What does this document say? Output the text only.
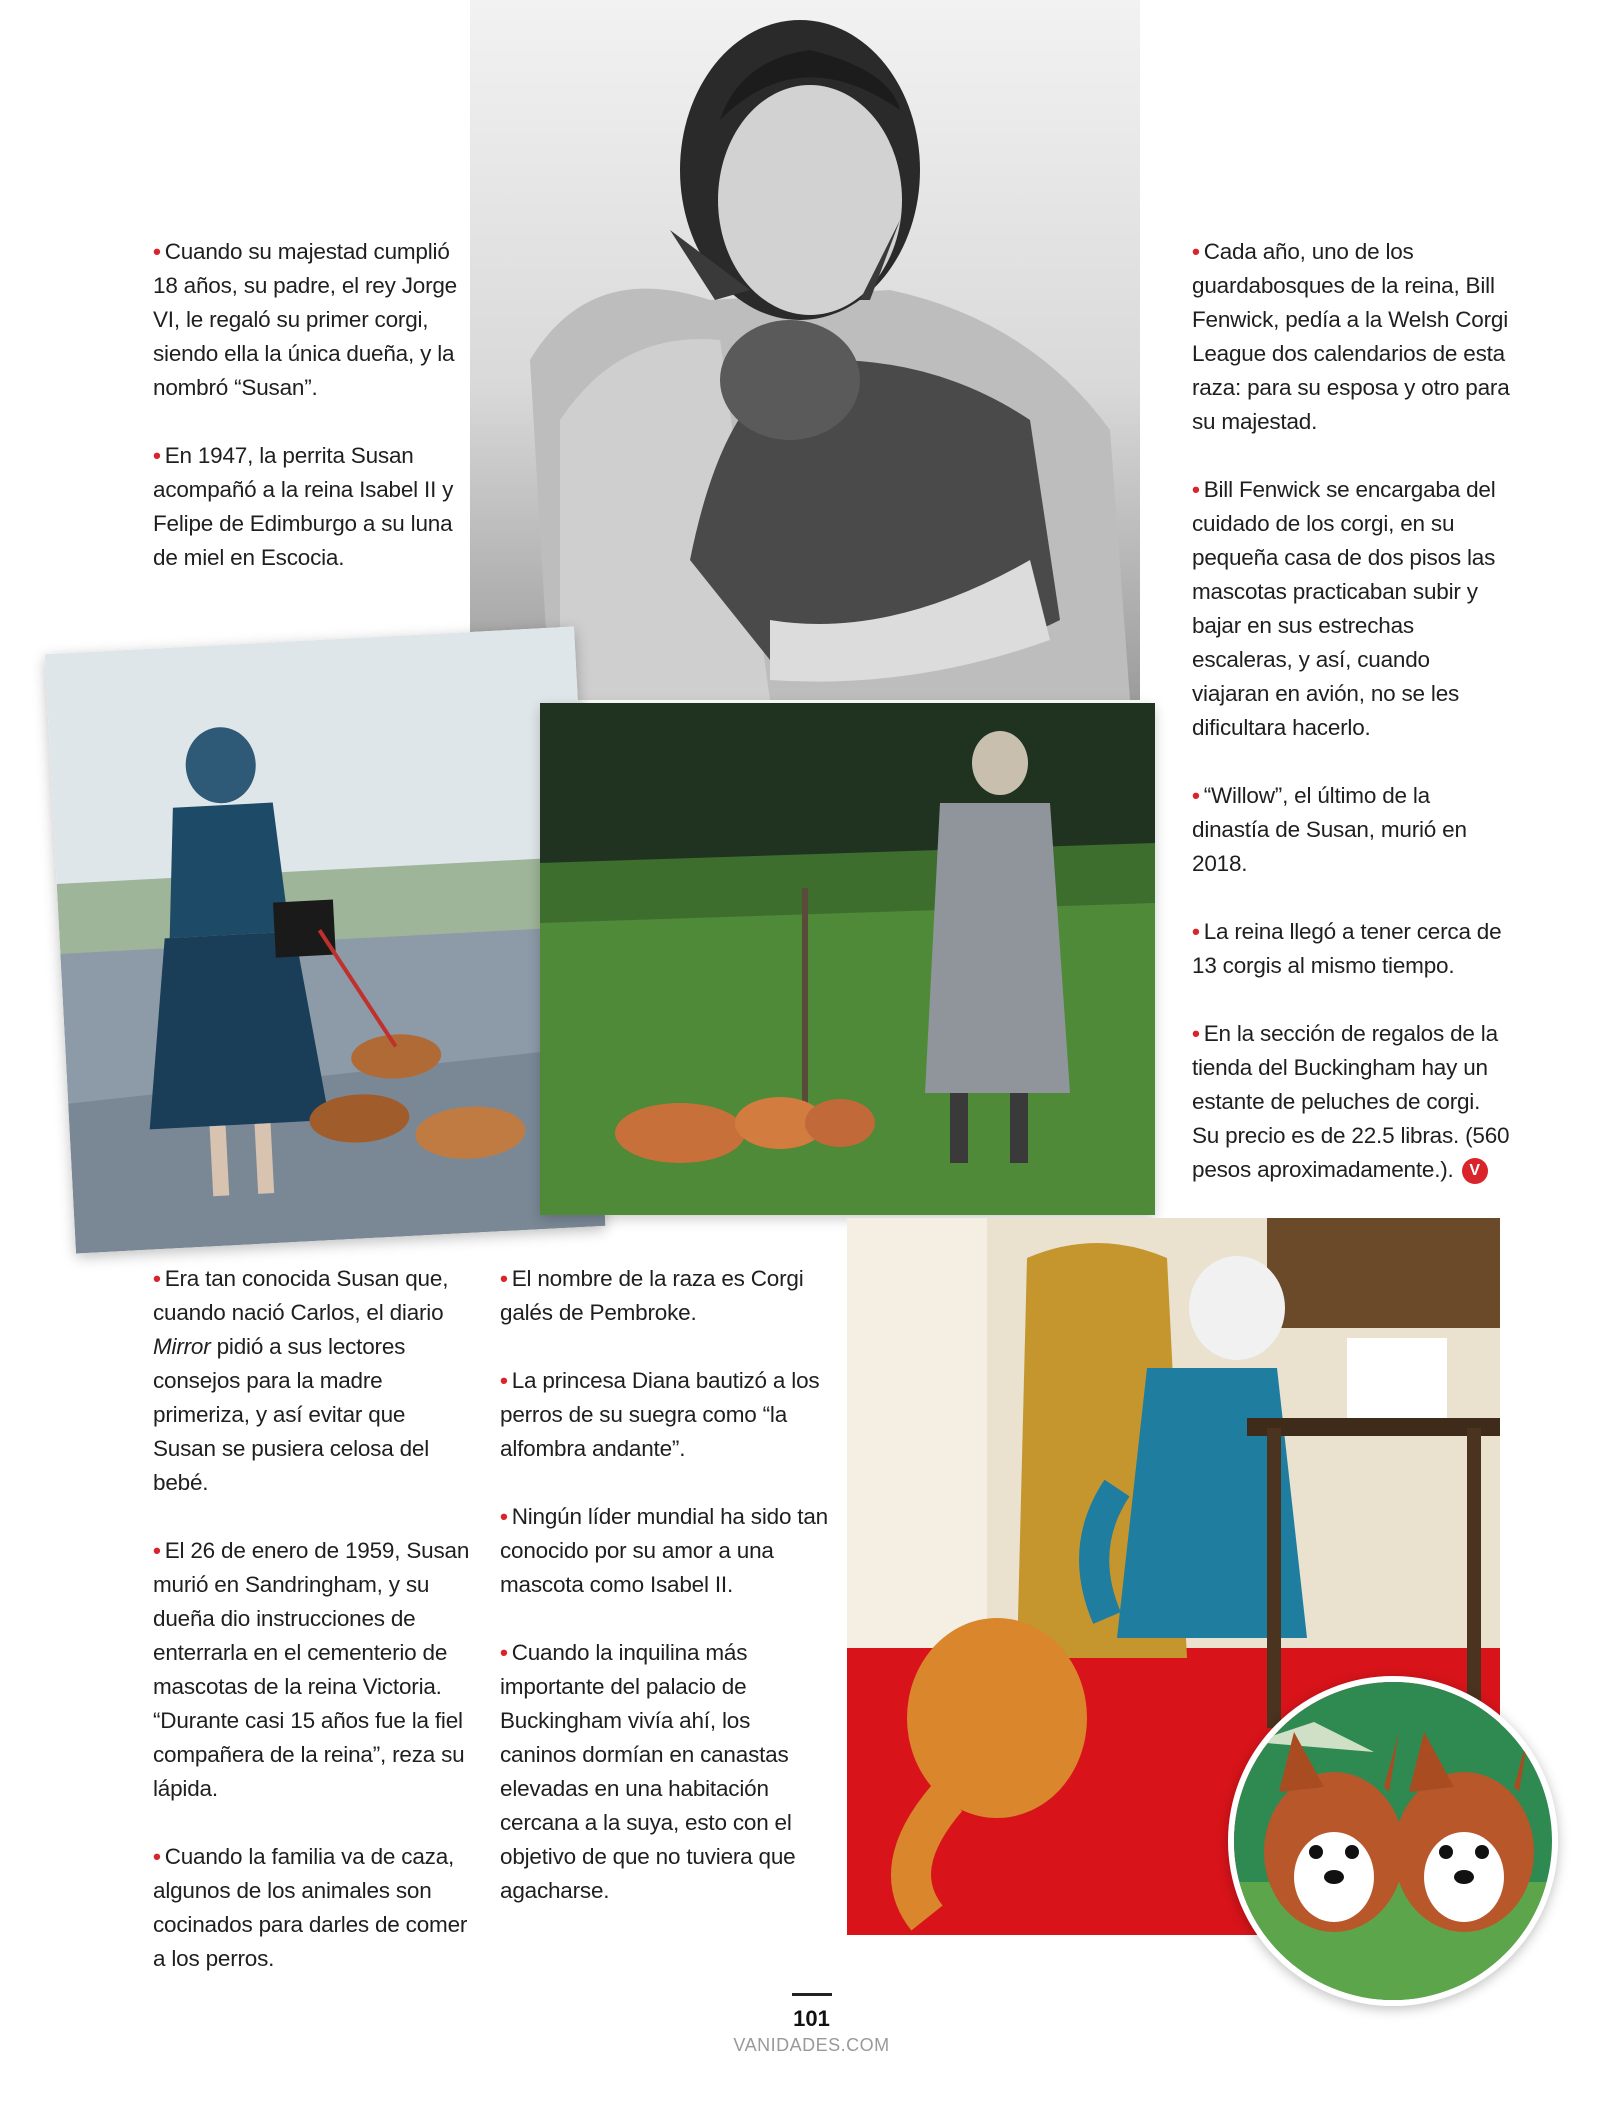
• Cuando su majestad cumplió 18 años, su padre, el rey Jorge VI, le regaló su primer corgi, siendo ella la única dueña, y la nombró “Susan”.

• En 1947, la perrita Susan acompañó a la reina Isabel II y Felipe de Edimburgo a su luna de miel en Escocia.

• Cada año, uno de los guardabosques de la reina, Bill Fenwick, pedía a la Welsh Corgi League dos calendarios de esta raza: para su esposa y otro para su majestad.

• Bill Fenwick se encargaba del cuidado de los corgi, en su pequeña casa de dos pisos las mascotas practicaban subir y bajar en sus estrechas escaleras, y así, cuando viajaran en avión, no se les dificultara hacerlo.

• “Willow”, el último de la dinastía de Susan, murió en 2018.

• La reina llegó a tener cerca de 13 corgis al mismo tiempo.

• En la sección de regalos de la tienda del Buckingham hay un estante de peluches de corgi. Su precio es de 22.5 libras. (560 pesos aproximadamente.). V

• Era tan conocida Susan que, cuando nació Carlos, el diario Mirror pidió a sus lectores consejos para la madre primeriza, y así evitar que Susan se pusiera celosa del bebé.

• El 26 de enero de 1959, Susan murió en Sandringham, y su dueña dio instrucciones de enterrarla en el cementerio de mascotas de la reina Victoria. “Durante casi 15 años fue la fiel compañera de la reina”, reza su lápida.

• Cuando la familia va de caza, algunos de los animales son cocinados para darles de comer a los perros.

• El nombre de la raza es Corgi galés de Pembroke.

• La princesa Diana bautizó a los perros de su suegra como “la alfombra andante”.

• Ningún líder mundial ha sido tan conocido por su amor a una mascota como Isabel II.

• Cuando la inquilina más importante del palacio de Buckingham vivía ahí, los caninos dormían en canastas elevadas en una habitación cercana a la suya, esto con el objetivo de que no tuviera que agacharse.

101
VANIDADES.COM
